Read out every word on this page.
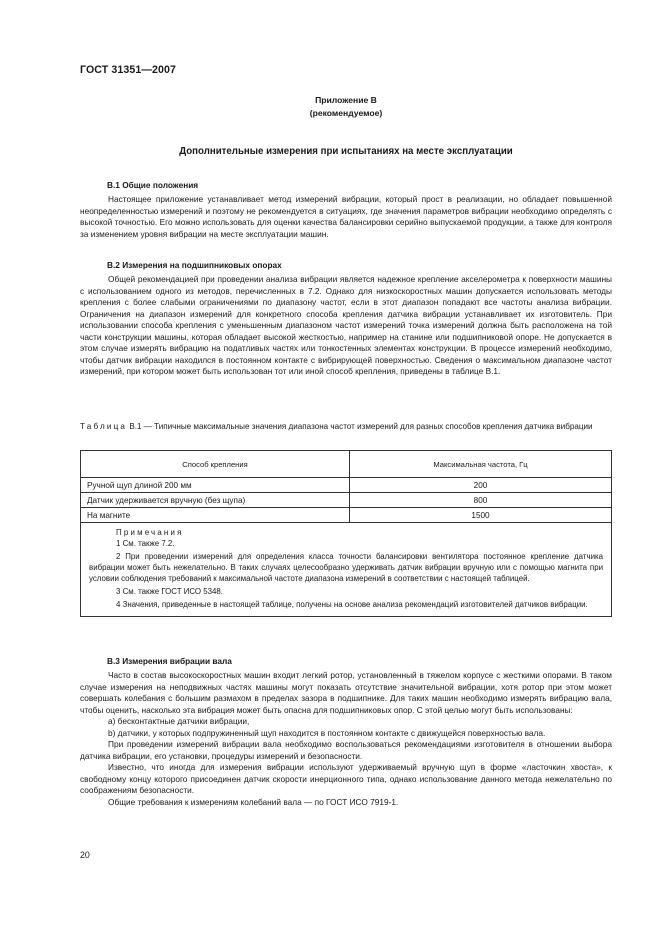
ГОСТ 31351—2007
Приложение В
(рекомендуемое)
Дополнительные измерения при испытаниях на месте эксплуатации
В.1 Общие положения

Настоящее приложение устанавливает метод измерений вибрации, который прост в реализации, но обладает повышенной неопределенностью измерений и поэтому не рекомендуется в ситуациях, где значения параметров вибрации необходимо определять с высокой точностью. Его можно использовать для оценки качества балансировки серийно выпускаемой продукции, а также для контроля за изменением уровня вибрации на месте эксплуатации машин.

В.2 Измерения на подшипниковых опорах

Общей рекомендацией при проведении анализа вибрации является надежное крепление акселерометра к поверхности машины с использованием одного из методов, перечисленных в 7.2. Однако для низкоскоростных машин допускается использовать методы крепления с более слабыми ограничениями по диапазону частот, если в этот диапазон попадают все частоты анализа вибрации. Ограничения на диапазон измерений для конкретного способа крепления датчика вибрации устанавливает их изготовитель. При использовании способа крепления с уменьшенным диапазоном частот измерений точка измерений должна быть расположена на той части конструкции машины, которая обладает высокой жесткостью, например на станине или подшипниковой опоре. Не допускается в этом случае измерять вибрацию на податливых частях или тонкостенных элементах конструкции. В процессе измерений необходимо, чтобы датчик вибрации находился в постоянном контакте с вибрирующей поверхностью. Сведения о максимальном диапазоне частот измерений, при котором может быть использован тот или иной способ крепления, приведены в таблице В.1.

Таблица В.1 — Типичные максимальные значения диапазона частот измерений для разных способов крепления датчика вибрации
Способ крепления	Максимальная частота, Гц
Ручной щуп длиной 200 мм	200
Датчик удерживается вручную (без щупа)	800
На магните	1500

Примечания

1 См. также 7.2.

2 При проведении измерений для определения класса точности балансировки вентилятора постоянное крепление датчика вибрации может быть нежелательно. В таких случаях целесообразно удерживать датчик вибрации вручную или с помощью магнита при условии соблюдения требований к максимальной частоте диапазона измерений в соответствии с настоящей таблицей.

3 См. также ГОСТ ИСО 5348.

4 Значения, приведенные в настоящей таблице, получены на основе анализа рекомендаций изготовителей датчиков вибрации.	

В.3 Измерения вибрации вала

Часто в состав высокоскоростных машин входит легкий ротор, установленный в тяжелом корпусе с жесткими опорами. В таком случае измерения на неподвижных частях машины могут показать отсутствие значительной вибрации, хотя ротор при этом может совершать колебания с большим размахом в пределах зазора в подшипнике. Для таких машин необходимо измерять вибрацию вала, чтобы оценить, насколько эта вибрация может быть опасна для подшипниковых опор. С этой целью могут быть использованы:

а) бесконтактные датчики вибрации,

b) датчики, у которых подпружиненный щуп находится в постоянном контакте с движущейся поверхностью вала.

При проведении измерений вибрации вала необходимо воспользоваться рекомендациями изготовителя в отношении выбора датчика вибрации, его установки, процедуры измерений и безопасности.

Известно, что иногда для измерения вибрации используют удерживаемый вручную щуп в форме «ласточкин хвоста», к свободному концу которого присоединен датчик скорости инерционного типа, однако использование данного метода нежелательно по соображениям безопасности.

Общие требования к измерениям колебаний вала — по ГОСТ ИСО 7919-1.

20
